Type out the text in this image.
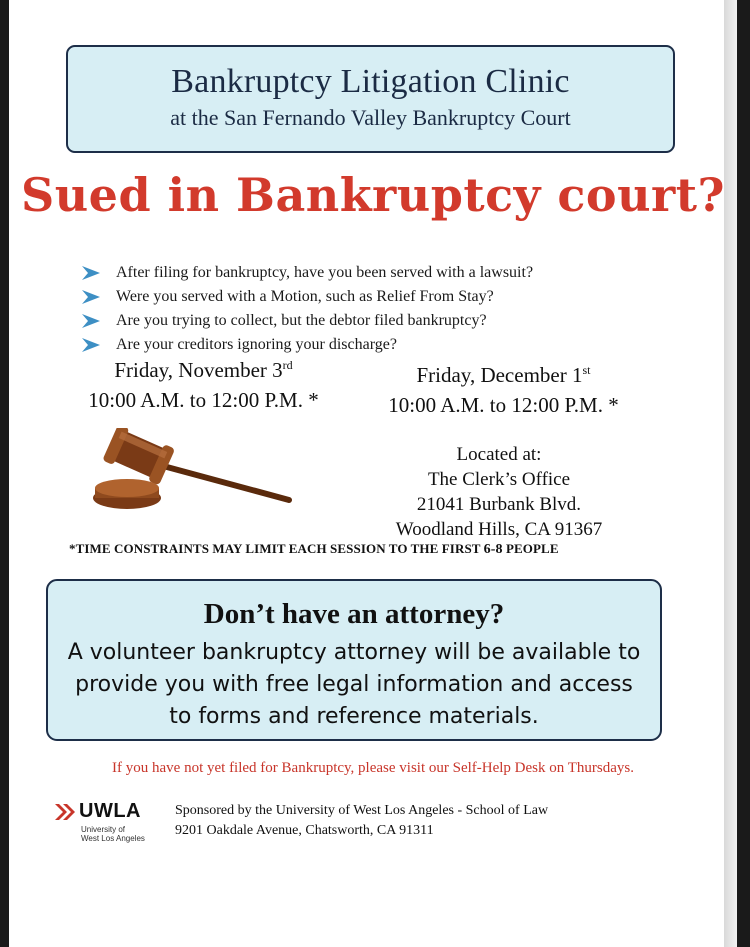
Bankruptcy Litigation Clinic
at the San Fernando Valley Bankruptcy Court
Sued in Bankruptcy court?
After filing for bankruptcy, have you been served with a lawsuit?
Were you served with a Motion, such as Relief From Stay?
Are you trying to collect, but the debtor filed bankruptcy?
Are your creditors ignoring your discharge?
Friday, November 3rd
10:00 A.M. to 12:00 P.M. *
Friday, December 1st
10:00 A.M. to 12:00 P.M. *
Located at:
The Clerk’s Office
21041 Burbank Blvd.
Woodland Hills, CA 91367
*TIME CONSTRAINTS MAY LIMIT EACH SESSION TO THE FIRST 6-8 PEOPLE
Don’t have an attorney?
A volunteer bankruptcy attorney will be available to
provide you with free legal information and access
to forms and reference materials.
If you have not yet filed for Bankruptcy, please visit our Self-Help Desk on Thursdays.
UWLA
University of
West Los Angeles
Sponsored by the University of West Los Angeles - School of Law
9201 Oakdale Avenue, Chatsworth, CA 91311
